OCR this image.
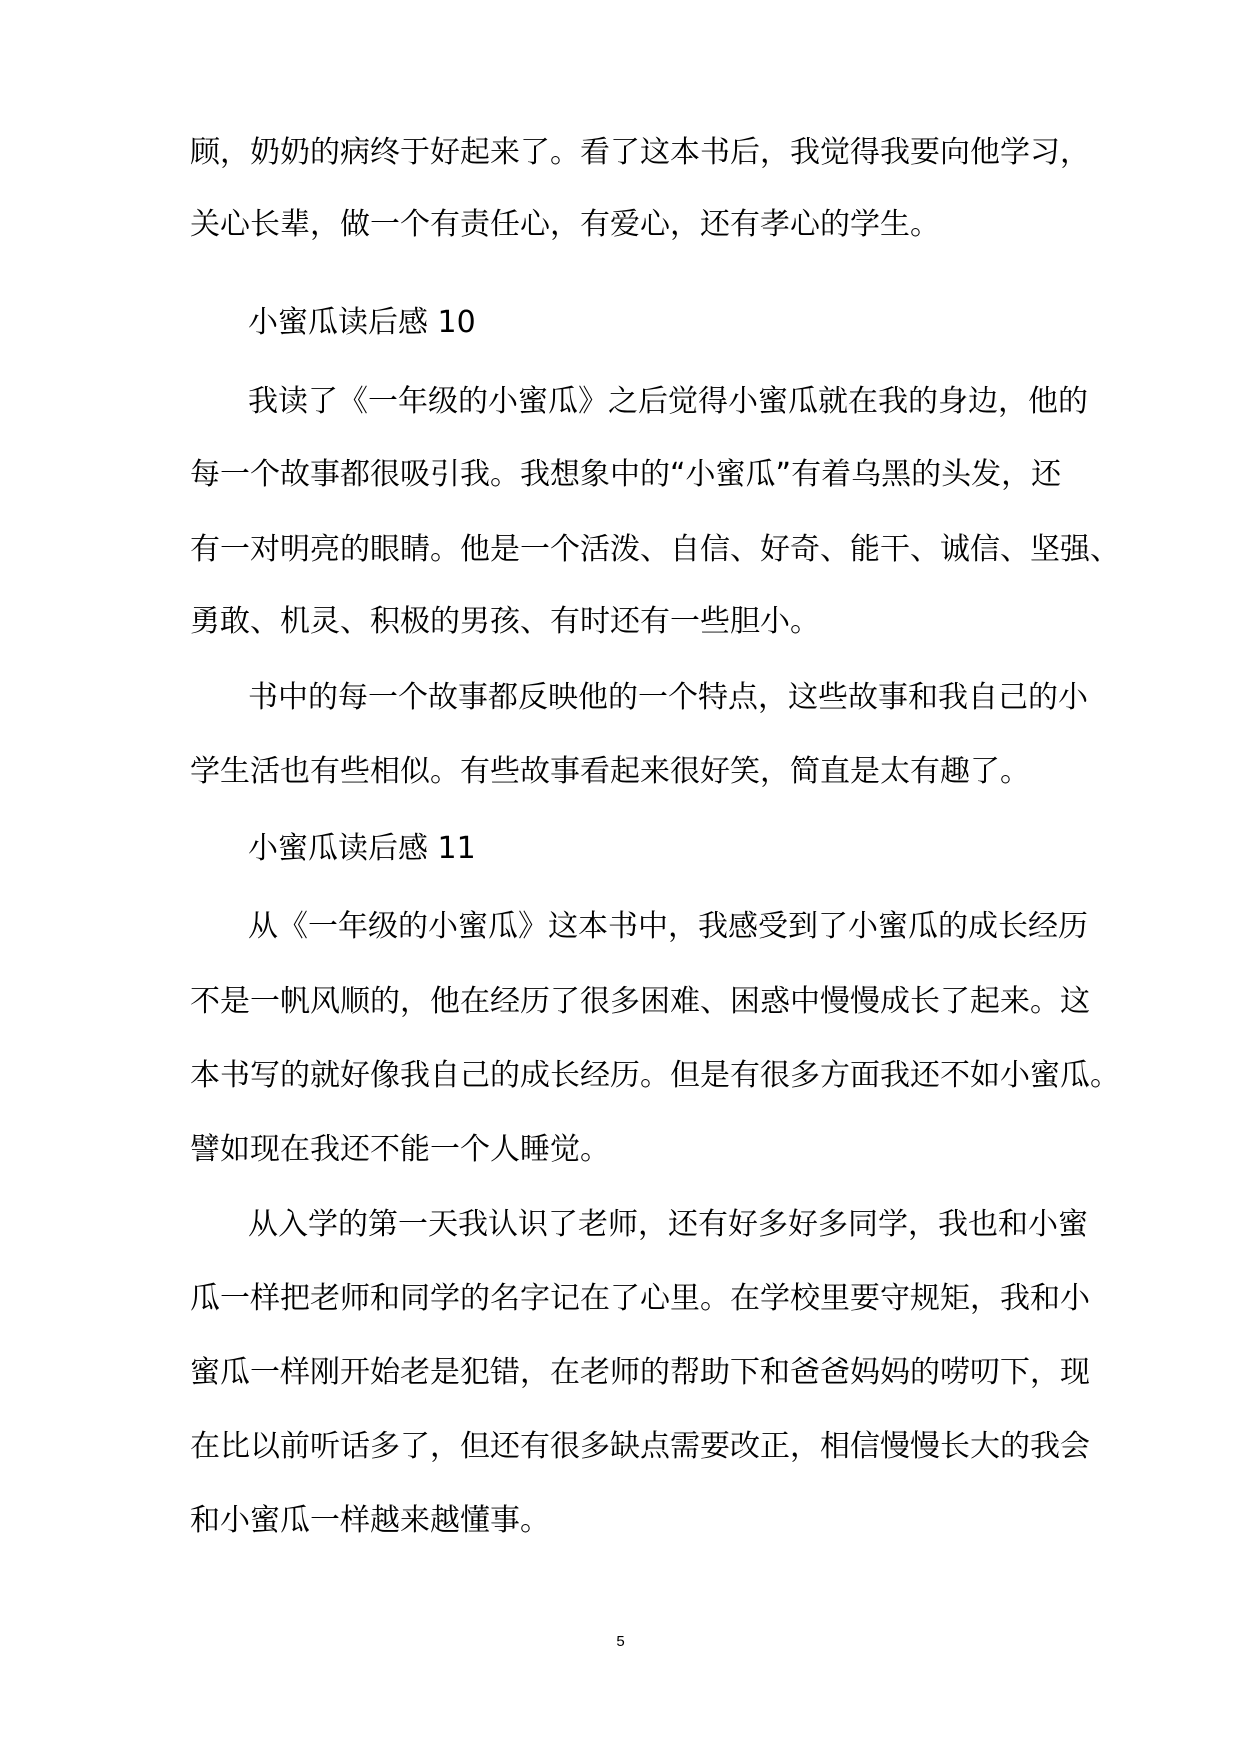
顾，奶奶的病终于好起来了。看了这本书后，我觉得我要向他学习，
关心长辈，做一个有责任心，有爱心，还有孝心的学生。
小蜜瓜读后感 10
我读了《一年级的小蜜瓜》之后觉得小蜜瓜就在我的身边，他的
每一个故事都很吸引我。我想象中的“小蜜瓜”有着乌黑的头发，还
有一对明亮的眼睛。他是一个活泼、自信、好奇、能干、诚信、坚强、
勇敢、机灵、积极的男孩、有时还有一些胆小。
书中的每一个故事都反映他的一个特点，这些故事和我自己的小
学生活也有些相似。有些故事看起来很好笑，简直是太有趣了。
小蜜瓜读后感 11
从《一年级的小蜜瓜》这本书中，我感受到了小蜜瓜的成长经历
不是一帆风顺的，他在经历了很多困难、困惑中慢慢成长了起来。这
本书写的就好像我自己的成长经历。但是有很多方面我还不如小蜜瓜。
譬如现在我还不能一个人睡觉。
从入学的第一天我认识了老师，还有好多好多同学，我也和小蜜
瓜一样把老师和同学的名字记在了心里。在学校里要守规矩，我和小
蜜瓜一样刚开始老是犯错，在老师的帮助下和爸爸妈妈的唠叨下，现
在比以前听话多了，但还有很多缺点需要改正，相信慢慢长大的我会
和小蜜瓜一样越来越懂事。
5
